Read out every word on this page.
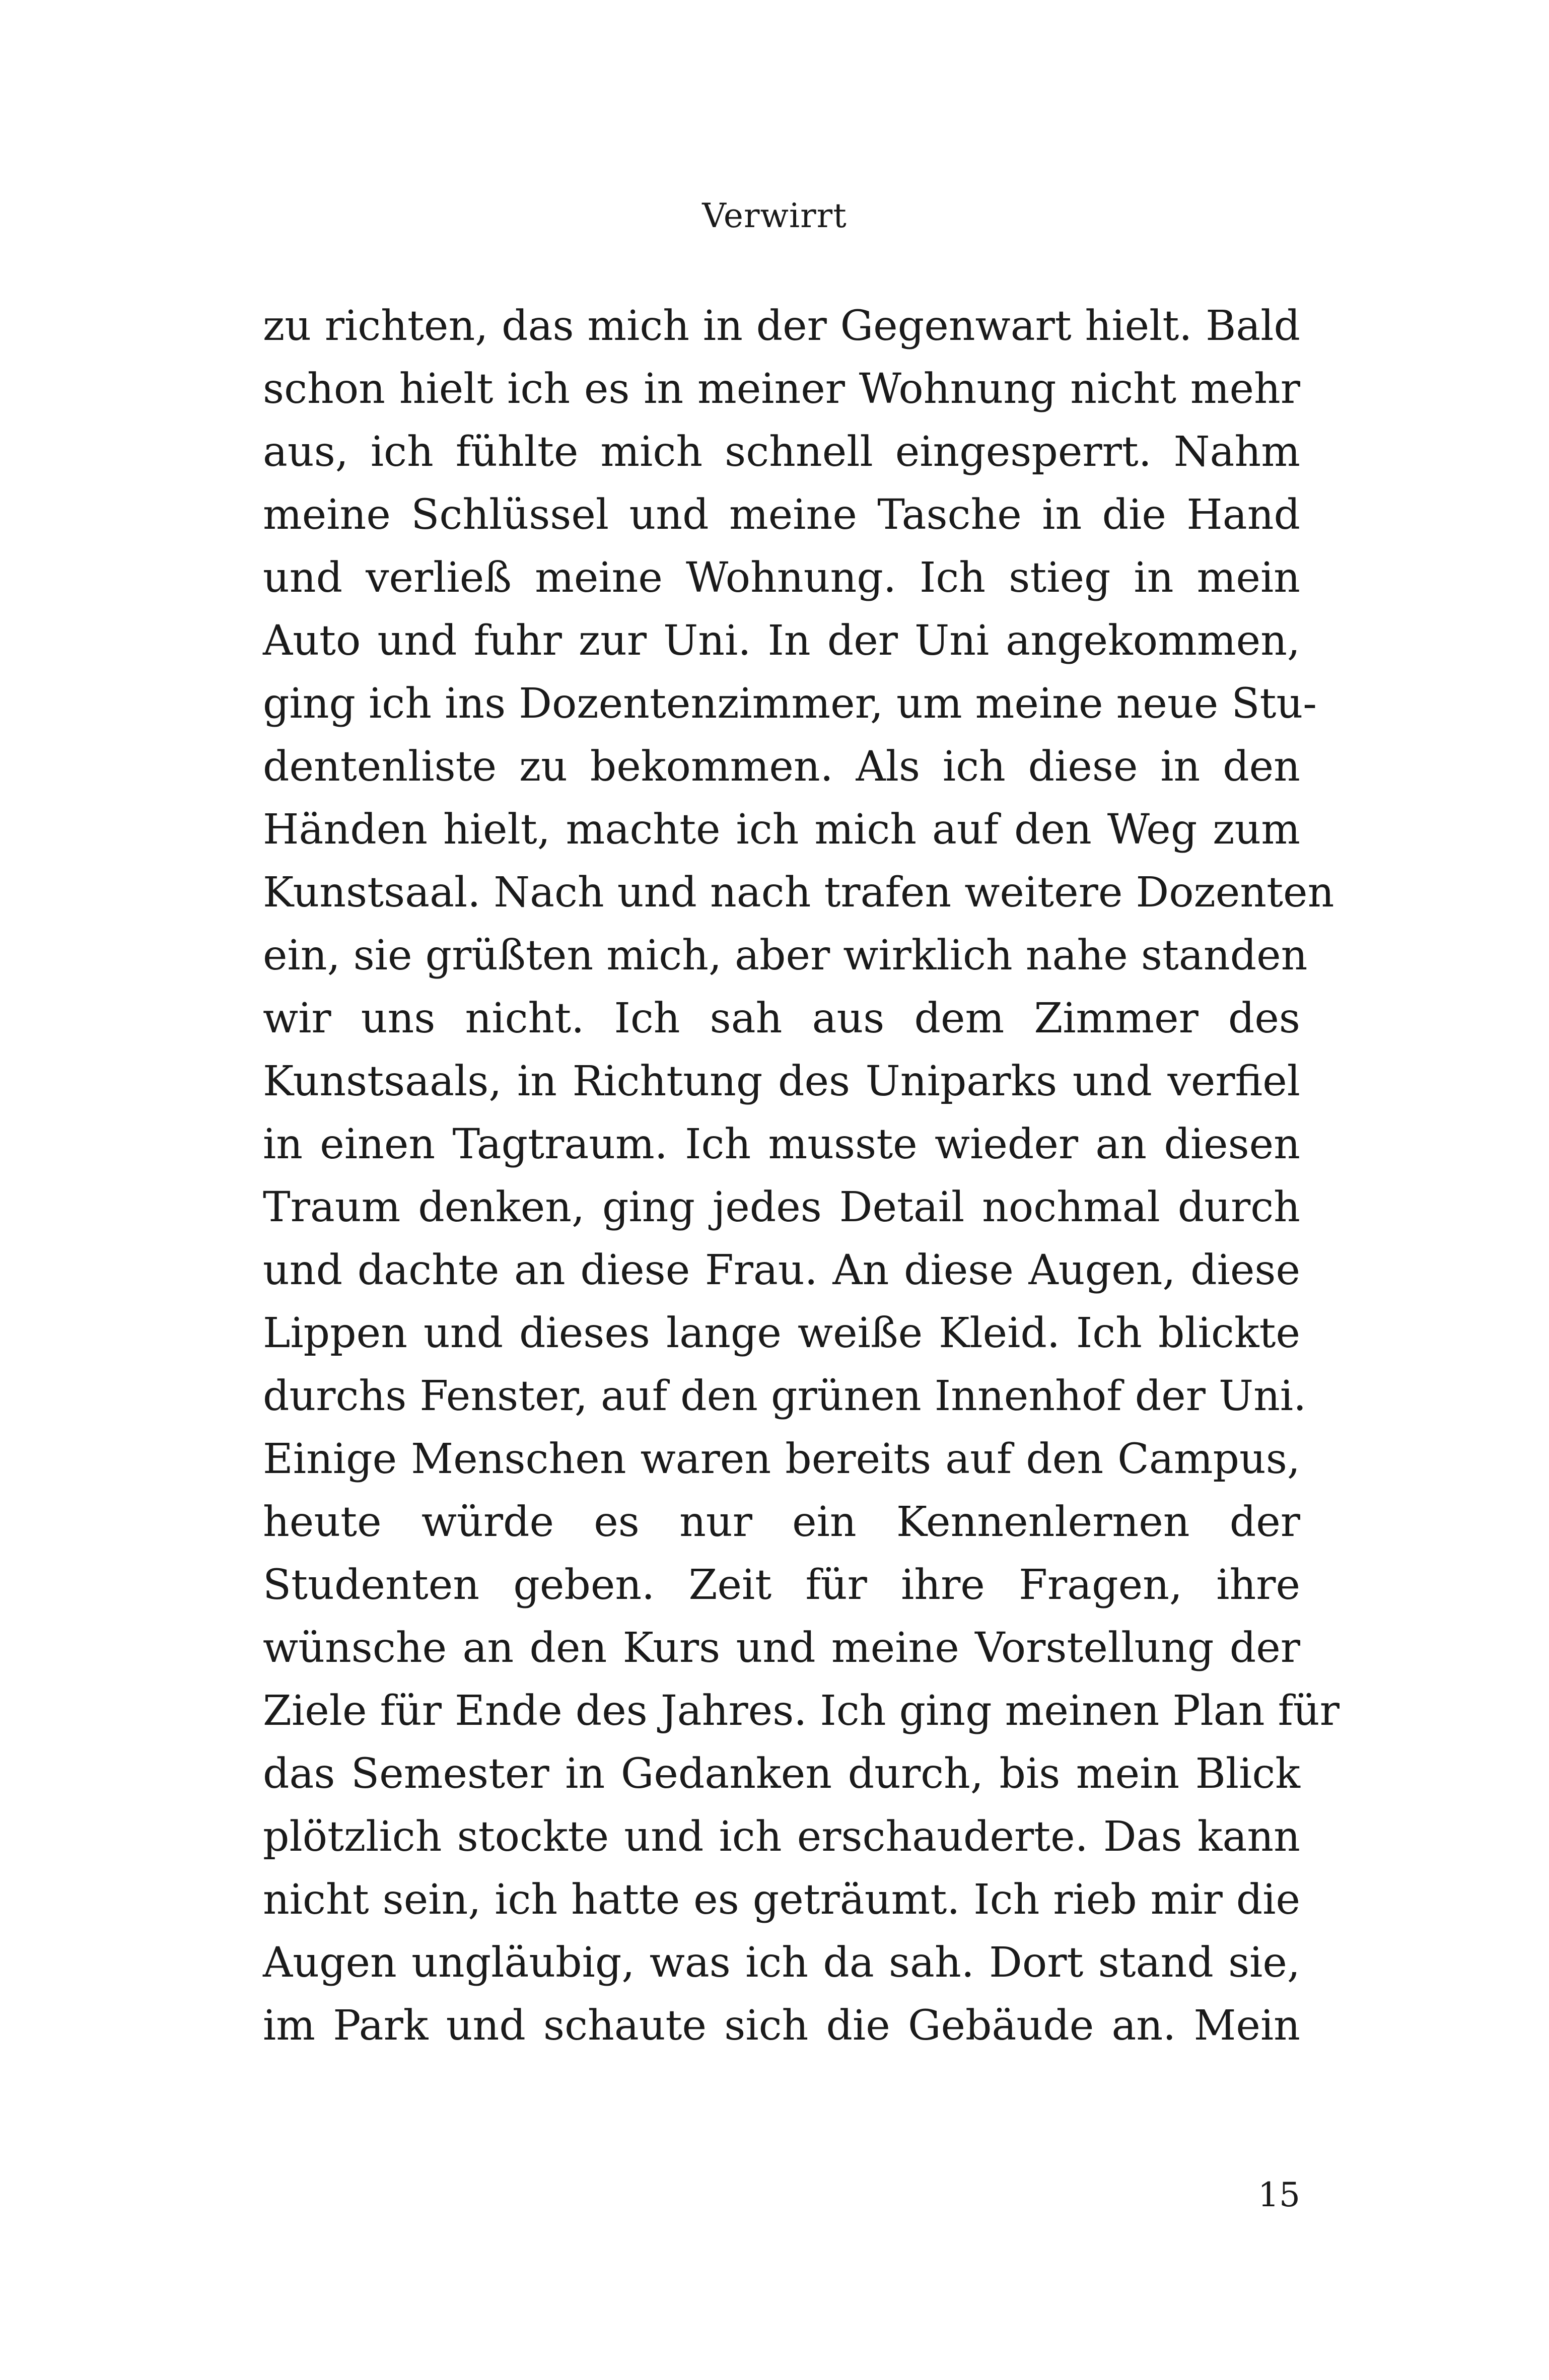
Verwirrt
zu richten, das mich in der Gegenwart hielt. Bald
schon hielt ich es in meiner Wohnung nicht mehr
aus, ich fühlte mich schnell eingesperrt. Nahm
meine Schlüssel und meine Tasche in die Hand
und verließ meine Wohnung. Ich stieg in mein
Auto und fuhr zur Uni. In der Uni angekommen,
ging ich ins Dozentenzimmer, um meine neue Stu-
dentenliste zu bekommen. Als ich diese in den
Händen hielt, machte ich mich auf den Weg zum
Kunstsaal. Nach und nach trafen weitere Dozenten
ein, sie grüßten mich, aber wirklich nahe standen
wir uns nicht. Ich sah aus dem Zimmer des
Kunstsaals, in Richtung des Uniparks und verfiel
in einen Tagtraum. Ich musste wieder an diesen
Traum denken, ging jedes Detail nochmal durch
und dachte an diese Frau. An diese Augen, diese
Lippen und dieses lange weiße Kleid. Ich blickte
durchs Fenster, auf den grünen Innenhof der Uni.
Einige Menschen waren bereits auf den Campus,
heute würde es nur ein Kennenlernen der
Studenten geben. Zeit für ihre Fragen, ihre
wünsche an den Kurs und meine Vorstellung der
Ziele für Ende des Jahres. Ich ging meinen Plan für
das Semester in Gedanken durch, bis mein Blick
plötzlich stockte und ich erschauderte. Das kann
nicht sein, ich hatte es geträumt. Ich rieb mir die
Augen ungläubig, was ich da sah. Dort stand sie,
im Park und schaute sich die Gebäude an. Mein
15
